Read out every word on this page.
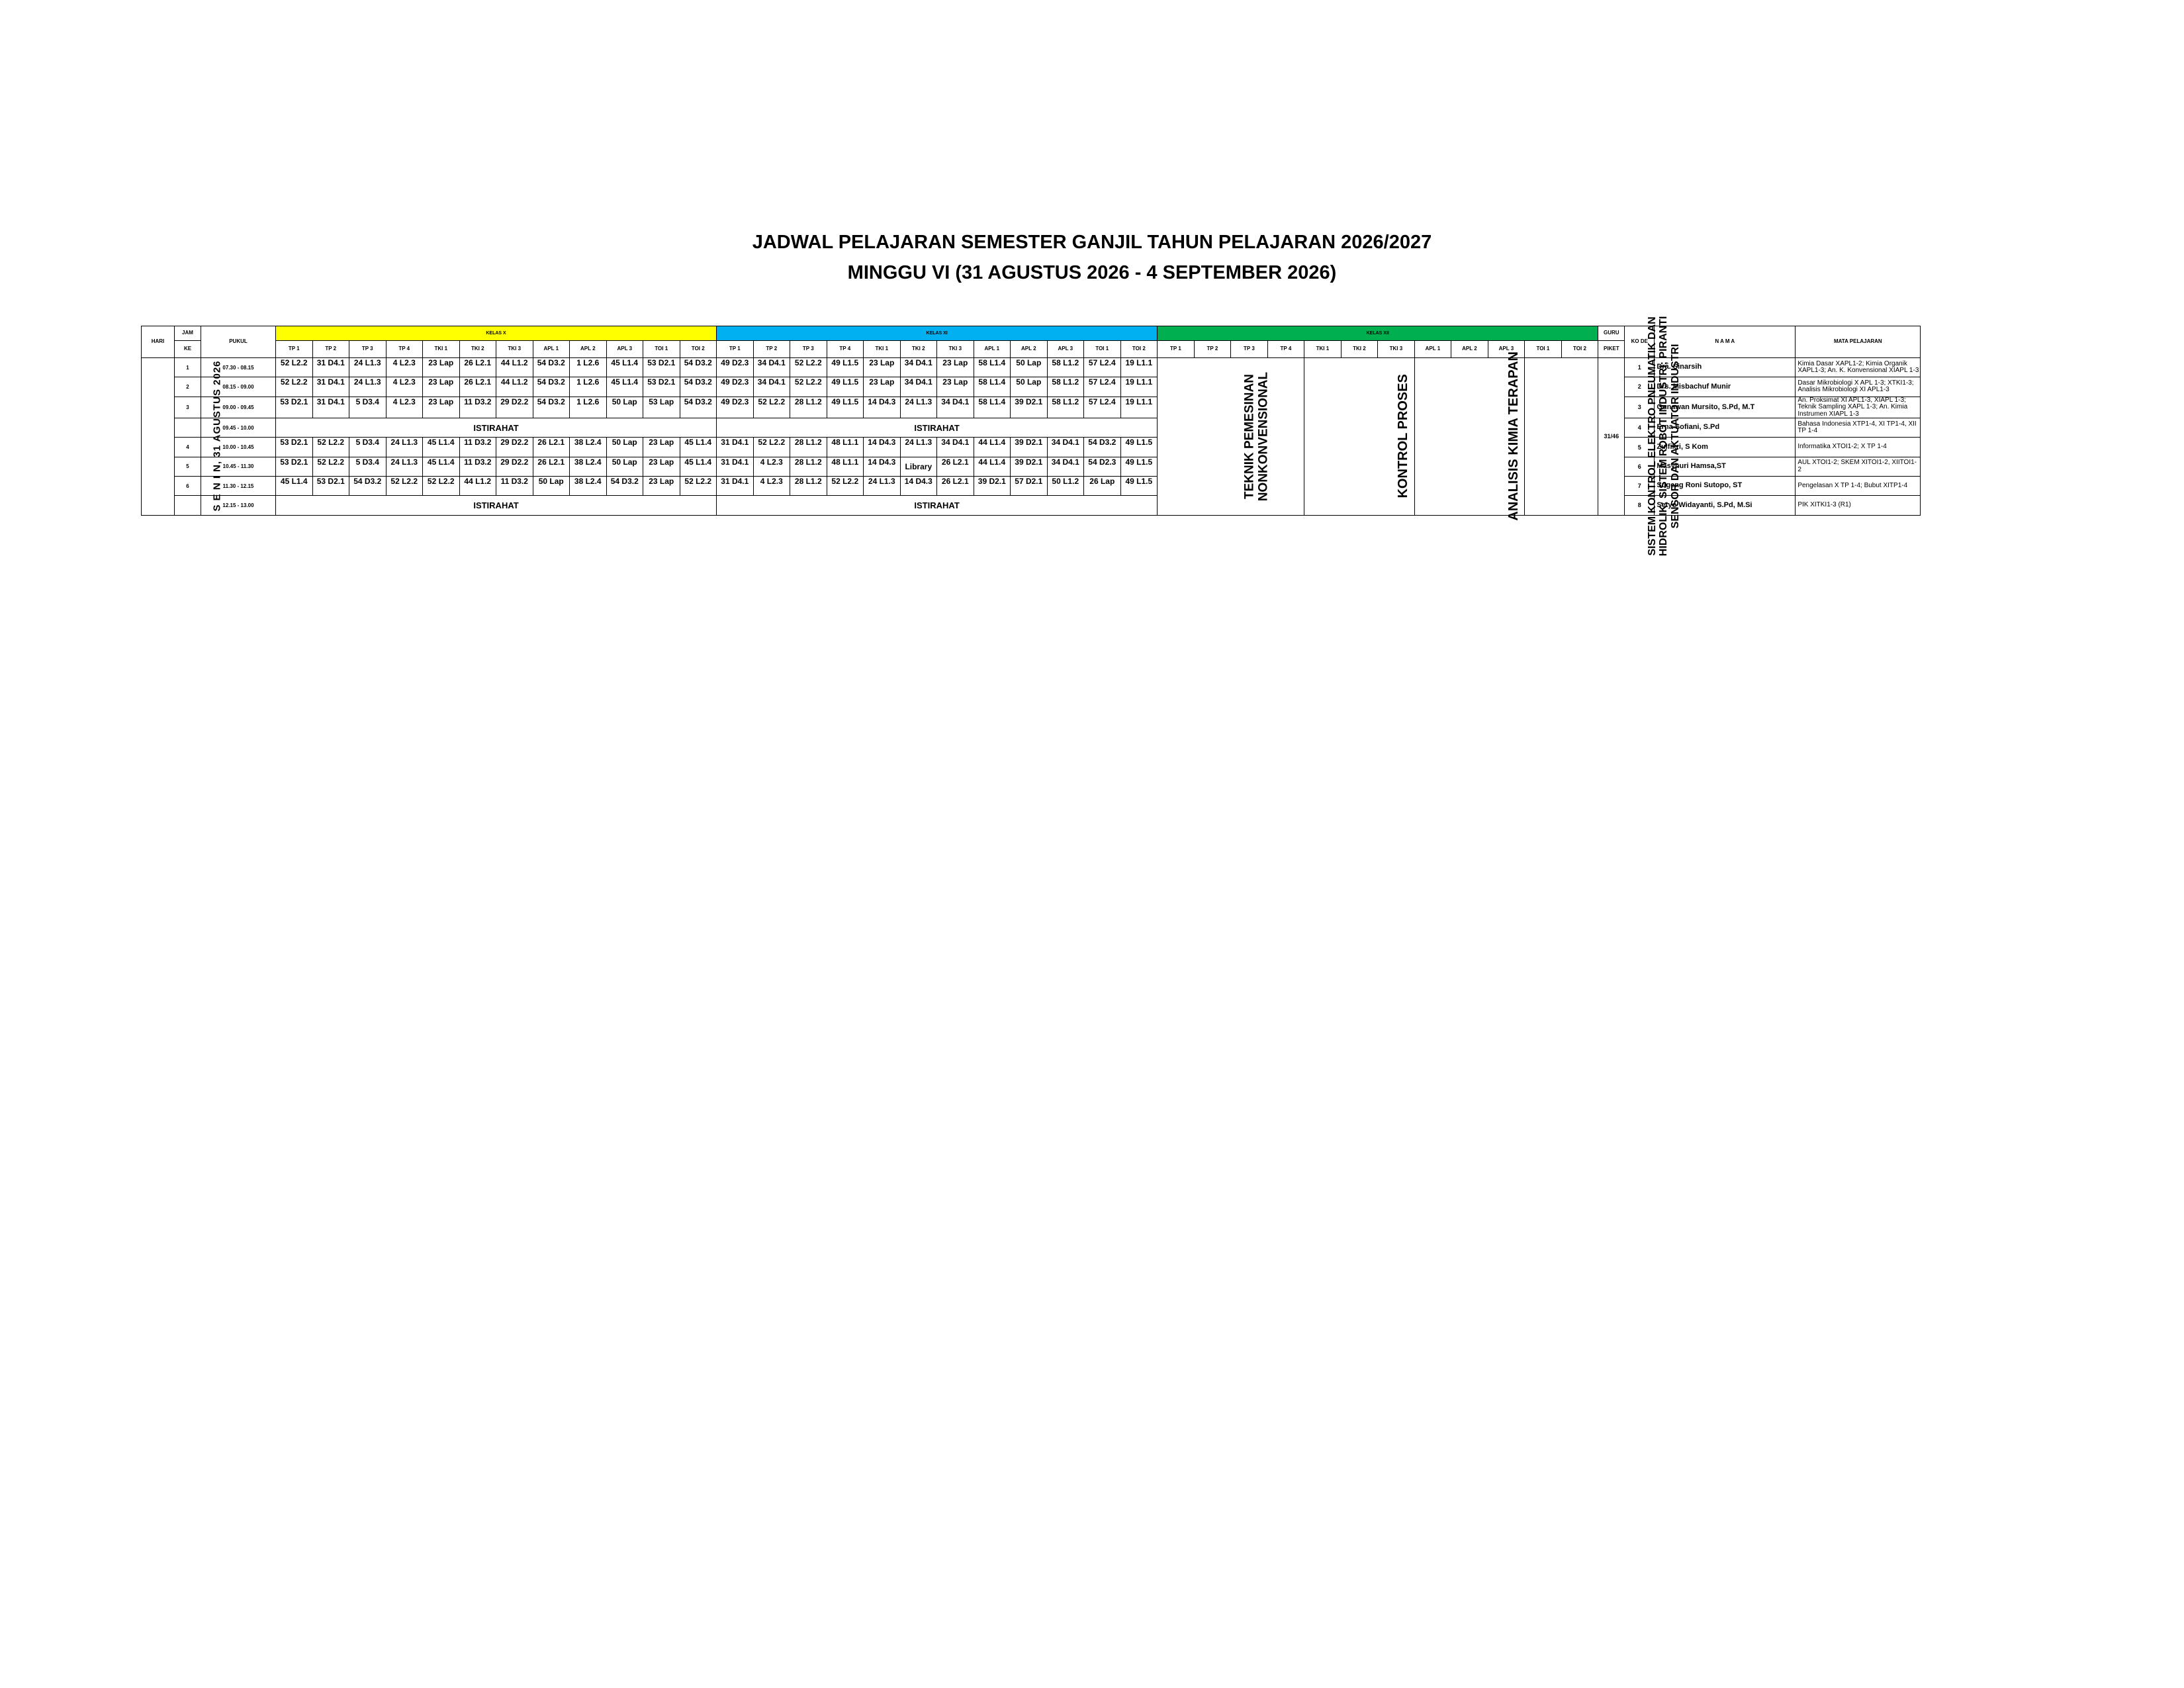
JADWAL PELAJARAN SEMESTER GANJIL TAHUN PELAJARAN 2026/2027
MINGGU VI (31 AGUSTUS 2026 - 4 SEPTEMBER 2026)
HARI	JAM	PUKUL	KELAS X												KELAS XI												KELAS XII												GURU	KO DE	N A M A	MATA PELAJARAN
	KE		TP 1	TP 2	TP 3	TP 4	TKI 1	TKI 2	TKI 3	APL 1	APL 2	APL 3	TOI 1	TOI 2	TP 1	TP 2	TP 3	TP 4	TKI 1	TKI 2	TKI 3	APL 1	APL 2	APL 3	TOI 1	TOI 2	TP 1	TP 2	TP 3	TP 4	TKI 1	TKI 2	TKI 3	APL 1	APL 2	APL 3	TOI 1	TOI 2	PIKET			
S E N I N, 31 AGUSTUS 2026	1	07.30 - 08.15	52 L2.2	31 D4.1	24 L1.3	4 L2.3	23 Lap	26 L2.1	44 L1.2	54 D3.2	1 L2.6	45 L1.4	53 D2.1	54 D3.2	49 D2.3	34 D4.1	52 L2.2	49 L1.5	23 Lap	34 D4.1	23 Lap	58 L1.4	50 Lap	58 L1.2	57 L2.4	19 L1.1	TEKNIK PEMESINAN NONKONVENSIONAL				KONTROL PROSES			ANALISIS KIMIA TERAPAN			SISTEM KONTROL ELEKTRO PNEUMATIK DAN HIDROLIK; SISTEM ROBOT INDUSTRI; PIRANTI SENSOR DAN AKTUATOR INDUSTRI		31/46	1	Dra. Sinarsih	Kimia Dasar XAPL1-2; Kimia Organik XAPL1-3; An. K. Konvensional XIAPL 1-3
	2	08.15 - 09.00	52 L2.2	31 D4.1	24 L1.3	4 L2.3	23 Lap	26 L2.1	44 L1.2	54 D3.2	1 L2.6	45 L1.4	53 D2.1	54 D3.2	49 D2.3	34 D4.1	52 L2.2	49 L1.5	23 Lap	34 D4.1	23 Lap	58 L1.4	50 Lap	58 L1.2	57 L2.4	19 L1.1														2	Drs. Misbachuf Munir	Dasar Mikrobiologi X APL 1-3; XTKI1-3; Analisis Mikrobiologi XI APL1-3
	3	09.00 - 09.45	53 D2.1	31 D4.1	5 D3.4	4 L2.3	23 Lap	11 D3.2	29 D2.2	54 D3.2	1 L2.6	50 Lap	53 Lap	54 D3.2	49 D2.3	52 L2.2	28 L1.2	49 L1.5	14 D4.3	24 L1.3	34 D4.1	58 L1.4	39 D2.1	58 L1.2	57 L2.4	19 L1.1														3	Gunawan Mursito, S.Pd, M.T	An. Proksimat XI APL1-3, XIAPL 1-3; Teknik Sampling XAPL 1-3; An. Kimia Instrumen XIAPL 1-3
		09.45 - 10.00	ISTIRAHAT												ISTIRAHAT																									4	Erna Sofiani, S.Pd	Bahasa Indonesia XTP1-4, XI TP1-4, XII TP 1-4
	4	10.00 - 10.45	53 D2.1	52 L2.2	5 D3.4	24 L1.3	45 L1.4	11 D3.2	29 D2.2	26 L2.1	38 L2.4	50 Lap	23 Lap	45 L1.4	31 D4.1	52 L2.2	28 L1.2	48 L1.1	14 D4.3	24 L1.3	34 D4.1	44 L1.4	39 D2.1	34 D4.1	54 D3.2	49 L1.5														5	Zulfikri, S Kom	Informatika XTOI1-2; X TP 1-4
	5	10.45 - 11.30	53 D2.1	52 L2.2	5 D3.4	24 L1.3	45 L1.4	11 D3.2	29 D2.2	26 L2.1	38 L2.4	50 Lap	23 Lap	45 L1.4	31 D4.1	4 L2.3	28 L1.2	48 L1.1	14 D4.3	Library	26 L2.1	44 L1.4	39 D2.1	34 D4.1	54 D2.3	49 L1.5														6	Masyhuri Hamsa,ST	AUL XTOI1-2; SKEM XITOI1-2, XIITOI1-2
	6	11.30 - 12.15	45 L1.4	53 D2.1	54 D3.2	52 L2.2	52 L2.2	44 L1.2	11 D3.2	50 Lap	38 L2.4	54 D3.2	23 Lap	52 L2.2	31 D4.1	4 L2.3	28 L1.2	52 L2.2	24 L1.3	14 D4.3	26 L2.1	39 D2.1	57 D2.1	50 L1.2	26 Lap	49 L1.5														7	Sugeng Roni Sutopo, ST	Pengelasan X TP 1-4; Bubut XITP1-4
		12.15 - 13.00	ISTIRAHAT												ISTIRAHAT																									8	Setyo Widayanti, S.Pd, M.Si	PIK XITKI1-3 (R1)
